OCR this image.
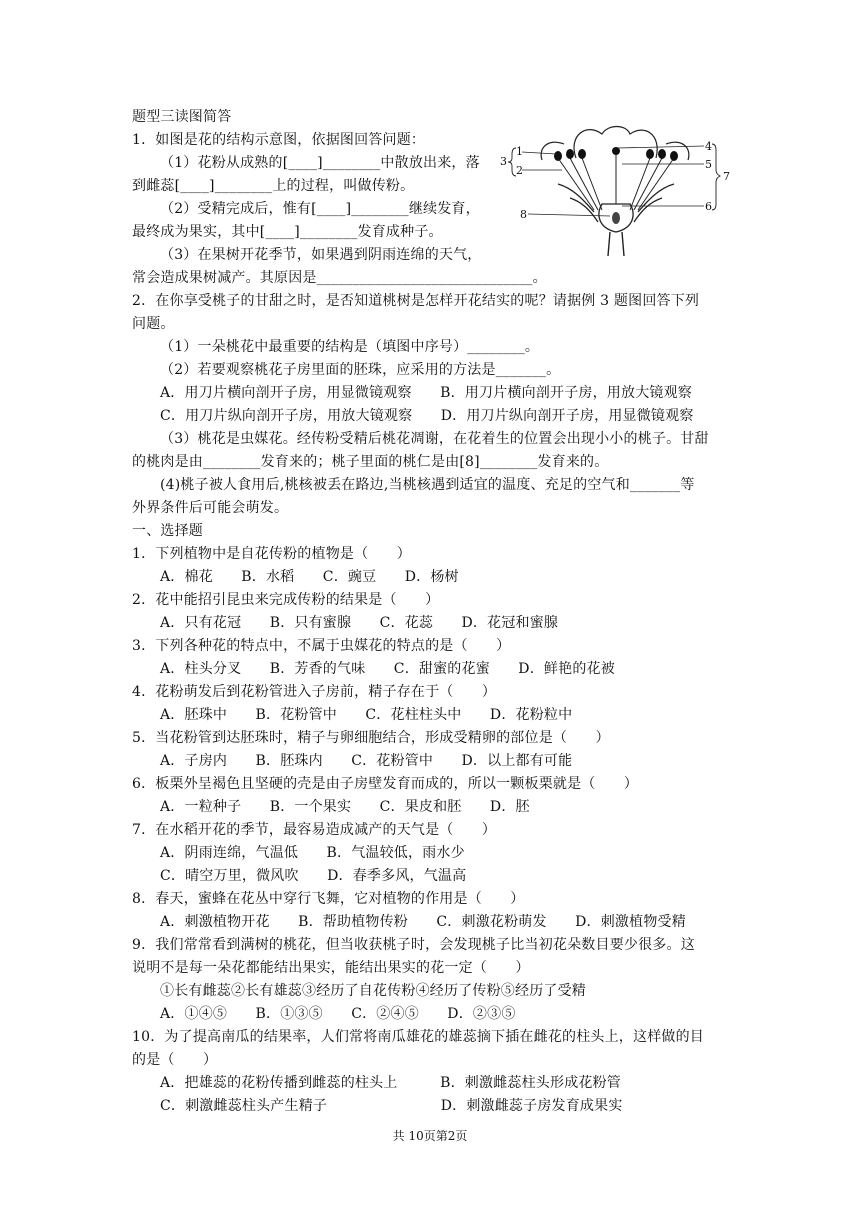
题型三读图简答
1．如图是花的结构示意图，依据图回答问题：
（1）花粉从成熟的[____]________中散放出来，落
到雌蕊[____]________上的过程，叫做传粉。
（2）受精完成后，惟有[____]________继续发育，
最终成为果实，其中[____]________发育成种子。
（3）在果树开花季节，如果遇到阴雨连绵的天气，
常会造成果树减产。其原因是______________________________。
1
2
3
4
5
6
7
8
2．在你享受桃子的甘甜之时，是否知道桃树是怎样开花结实的呢？请据例 3 题图回答下列
问题。
（1）一朵桃花中最重要的结构是（填图中序号）________。
（2）若要观察桃花子房里面的胚珠，应采用的方法是_______。
A．用刀片横向剖开子房，用显微镜观察　　B．用刀片横向剖开子房，用放大镜观察
C．用刀片纵向剖开子房，用放大镜观察　　D．用刀片纵向剖开子房，用显微镜观察
（3）桃花是虫媒花。经传粉受精后桃花凋谢，在花着生的位置会出现小小的桃子。甘甜
的桃肉是由________发育来的；桃子里面的桃仁是由[8]________发育来的。
(4)桃子被人食用后,桃核被丢在路边,当桃核遇到适宜的温度、充足的空气和_______等
外界条件后可能会萌发。
一、选择题
1．下列植物中是自花传粉的植物是（　　）
A．棉花　　B．水稻　　C．豌豆　　D．杨树
2．花中能招引昆虫来完成传粉的结果是（　　）
A．只有花冠　　B．只有蜜腺　　C．花蕊　　D．花冠和蜜腺
3．下列各种花的特点中，不属于虫媒花的特点的是（　　）
A．柱头分叉　　B．芳香的气味　　C．甜蜜的花蜜　　D．鲜艳的花被
4．花粉萌发后到花粉管进入子房前，精子存在于（　　）
A．胚珠中　　B．花粉管中　　C．花柱柱头中　　D．花粉粒中
5．当花粉管到达胚珠时，精子与卵细胞结合，形成受精卵的部位是（　　）
A．子房内　　B．胚珠内　　C．花粉管中　　D．以上都有可能
6．板栗外呈褐色且坚硬的壳是由子房壁发育而成的，所以一颗板栗就是（　　）
A．一粒种子　　B．一个果实　　C．果皮和胚　　D．胚
7．在水稻开花的季节，最容易造成减产的天气是（　　）
A．阴雨连绵，气温低　　B．气温较低，雨水少
C．晴空万里，微风吹　　D．春季多风，气温高
8．春天，蜜蜂在花丛中穿行飞舞，它对植物的作用是（　　）
A．刺激植物开花　　B．帮助植物传粉　　C．刺激花粉萌发　　D．刺激植物受精
9．我们常常看到满树的桃花，但当收获桃子时，会发现桃子比当初花朵数目要少很多。这
说明不是每一朵花都能结出果实，能结出果实的花一定（　　）
①长有雌蕊②长有雄蕊③经历了自花传粉④经历了传粉⑤经历了受精
A．①④⑤　　B．①③⑤　　C．②④⑤　　D．②③⑤
10．为了提高南瓜的结果率，人们常将南瓜雄花的雄蕊摘下插在雌花的柱头上，这样做的目
的是（　　）
A．把雄蕊的花粉传播到雌蕊的柱头上　　　B．刺激雌蕊柱头形成花粉管
C．刺激雌蕊柱头产生精子　　　　　　　　D．刺激雌蕊子房发育成果实
共 10页第2页
